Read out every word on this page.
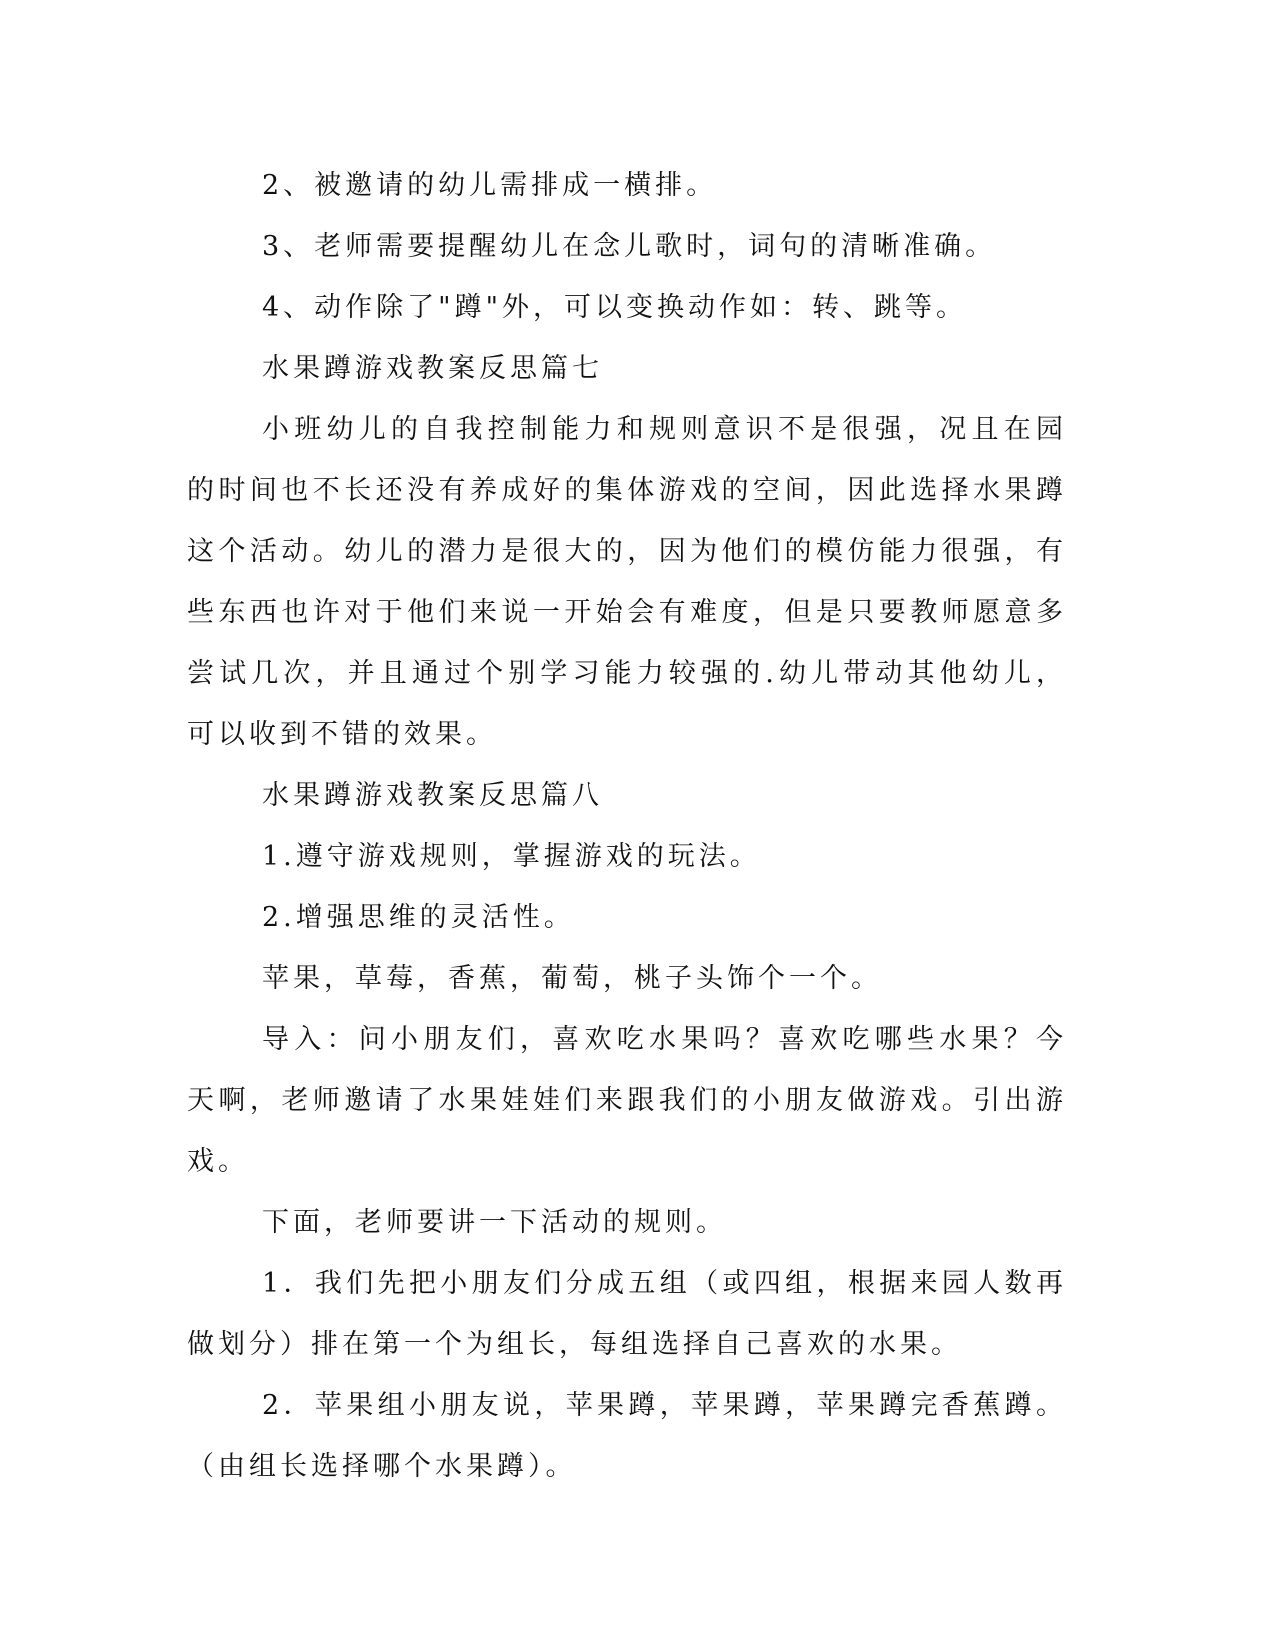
2、被邀请的幼儿需排成一横排。

3、老师需要提醒幼儿在念儿歌时，词句的清晰准确。

4、动作除了"蹲"外，可以变换动作如：转、跳等。

水果蹲游戏教案反思篇七

小班幼儿的自我控制能力和规则意识不是很强，况且在园的时间也不长还没有养成好的集体游戏的空间，因此选择水果蹲这个活动。幼儿的潜力是很大的，因为他们的模仿能力很强，有些东西也许对于他们来说一开始会有难度，但是只要教师愿意多尝试几次，并且通过个别学习能力较强的.幼儿带动其他幼儿，可以收到不错的效果。

水果蹲游戏教案反思篇八

1.遵守游戏规则，掌握游戏的玩法。

2.增强思维的灵活性。

苹果，草莓，香蕉，葡萄，桃子头饰个一个。

导入：问小朋友们，喜欢吃水果吗？喜欢吃哪些水果？今天啊，老师邀请了水果娃娃们来跟我们的小朋友做游戏。引出游戏。

下面，老师要讲一下活动的规则。

1．我们先把小朋友们分成五组（或四组，根据来园人数再做划分）排在第一个为组长，每组选择自己喜欢的水果。

2．苹果组小朋友说，苹果蹲，苹果蹲，苹果蹲完香蕉蹲。（由组长选择哪个水果蹲）。
